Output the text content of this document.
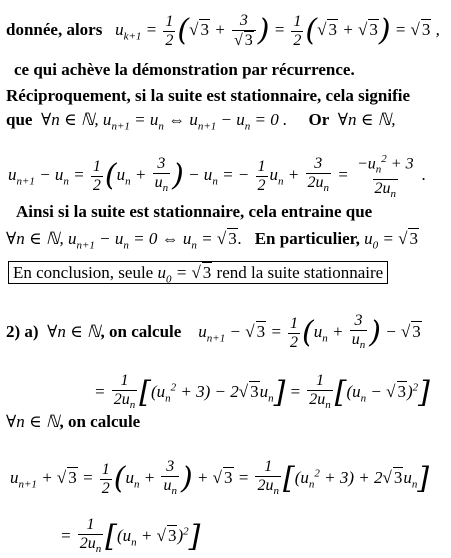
donnée, alors $u_{k+1} = \frac{1}{2}$ (√ $3 + \frac{3}{√ 3}$ ) = $\frac{1}{2}$ (√ 3 + √ 3) = √ 3 ,
ce qui achève la démonstration par récurrence.
Réciproquement, si la suite est stationnaire, cela signifie
que ∀n ∈ ℕ, $u_{n+1} = u_n$ ⇔ $u_{n+1} - u_n = 0$ . Or ∀n ∈ ℕ,
$u_{n+1} - u_n = \frac{1}{2} (u_n + \frac{3}{u_n}$ ) − $u_n$ = − $\frac{1}{2} u_n + \frac{3}{2u_n} = \frac{-u_n^2 + 3}{2u_n}$ .
Ainsi si la suite est stationnaire, cela entraine que
∀n ∈ ℕ, $u_{n+1} - u_n = 0$ ⇔ $u_n$ = √ 3. En particulier, $u_0$ = √ 3
En conclusion, seule $u_0$ = √ 3 rend la suite stationnaire
2) a) ∀n ∈ ℕ, on calcule $u_{n+1}$ − √ $3 = \frac{1}{2} (u_n + \frac{3}{u_n}$ ) − √ 3
= $\frac{1}{2u_n} [(u_n^2 + 3) - 2√$ $3u_n] = \frac{1}{2u_n} [(u_n$ − √ 3)$^2$]
∀n ∈ ℕ, on calcule
$u_{n+1}$ + √ $3 = \frac{1}{2} (u_n + \frac{3}{u_n}$ ) + √ $3 = \frac{1}{2u_n} [(u_n^2 + 3) + 2√$ $3u_n$]
= $\frac{1}{2u_n} [(u_n$ + √ 3)$^2$]
